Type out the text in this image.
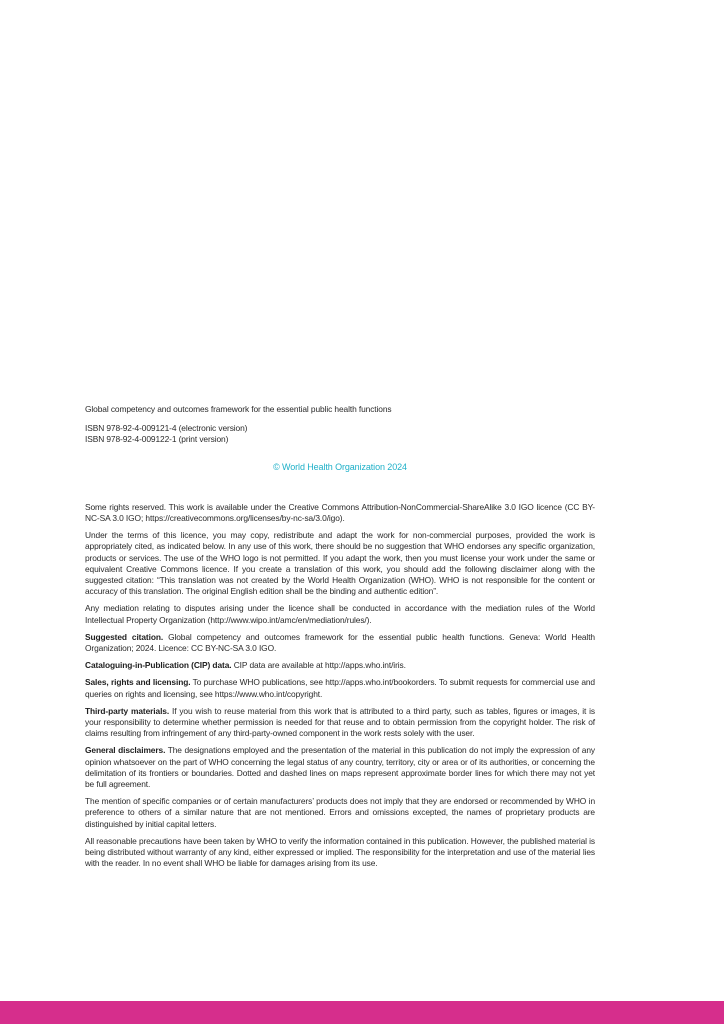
Global competency and outcomes framework for the essential public health functions
ISBN 978-92-4-009121-4 (electronic version)
ISBN 978-92-4-009122-1 (print version)
© World Health Organization 2024

Some rights reserved. This work is available under the Creative Commons Attribution-NonCommercial-ShareAlike 3.0 IGO licence (CC BY-NC-SA 3.0 IGO; https://creativecommons.org/licenses/by-nc-sa/3.0/igo).

Under the terms of this licence, you may copy, redistribute and adapt the work for non-commercial purposes, provided the work is appropriately cited, as indicated below. In any use of this work, there should be no suggestion that WHO endorses any specific organization, products or services. The use of the WHO logo is not permitted. If you adapt the work, then you must license your work under the same or equivalent Creative Commons licence. If you create a translation of this work, you should add the following disclaimer along with the suggested citation: “This translation was not created by the World Health Organization (WHO). WHO is not responsible for the content or accuracy of this translation. The original English edition shall be the binding and authentic edition”.

Any mediation relating to disputes arising under the licence shall be conducted in accordance with the mediation rules of the World Intellectual Property Organization (http://www.wipo.int/amc/en/mediation/rules/).

Suggested citation. Global competency and outcomes framework for the essential public health functions. Geneva: World Health Organization; 2024. Licence: CC BY-NC-SA 3.0 IGO.

Cataloguing-in-Publication (CIP) data. CIP data are available at http://apps.who.int/iris.

Sales, rights and licensing. To purchase WHO publications, see http://apps.who.int/bookorders. To submit requests for commercial use and queries on rights and licensing, see https://www.who.int/copyright.

Third-party materials. If you wish to reuse material from this work that is attributed to a third party, such as tables, figures or images, it is your responsibility to determine whether permission is needed for that reuse and to obtain permission from the copyright holder. The risk of claims resulting from infringement of any third-party-owned component in the work rests solely with the user.

General disclaimers. The designations employed and the presentation of the material in this publication do not imply the expression of any opinion whatsoever on the part of WHO concerning the legal status of any country, territory, city or area or of its authorities, or concerning the delimitation of its frontiers or boundaries. Dotted and dashed lines on maps represent approximate border lines for which there may not yet be full agreement.

The mention of specific companies or of certain manufacturers’ products does not imply that they are endorsed or recommended by WHO in preference to others of a similar nature that are not mentioned. Errors and omissions excepted, the names of proprietary products are distinguished by initial capital letters.

All reasonable precautions have been taken by WHO to verify the information contained in this publication. However, the published material is being distributed without warranty of any kind, either expressed or implied. The responsibility for the interpretation and use of the material lies with the reader. In no event shall WHO be liable for damages arising from its use.
